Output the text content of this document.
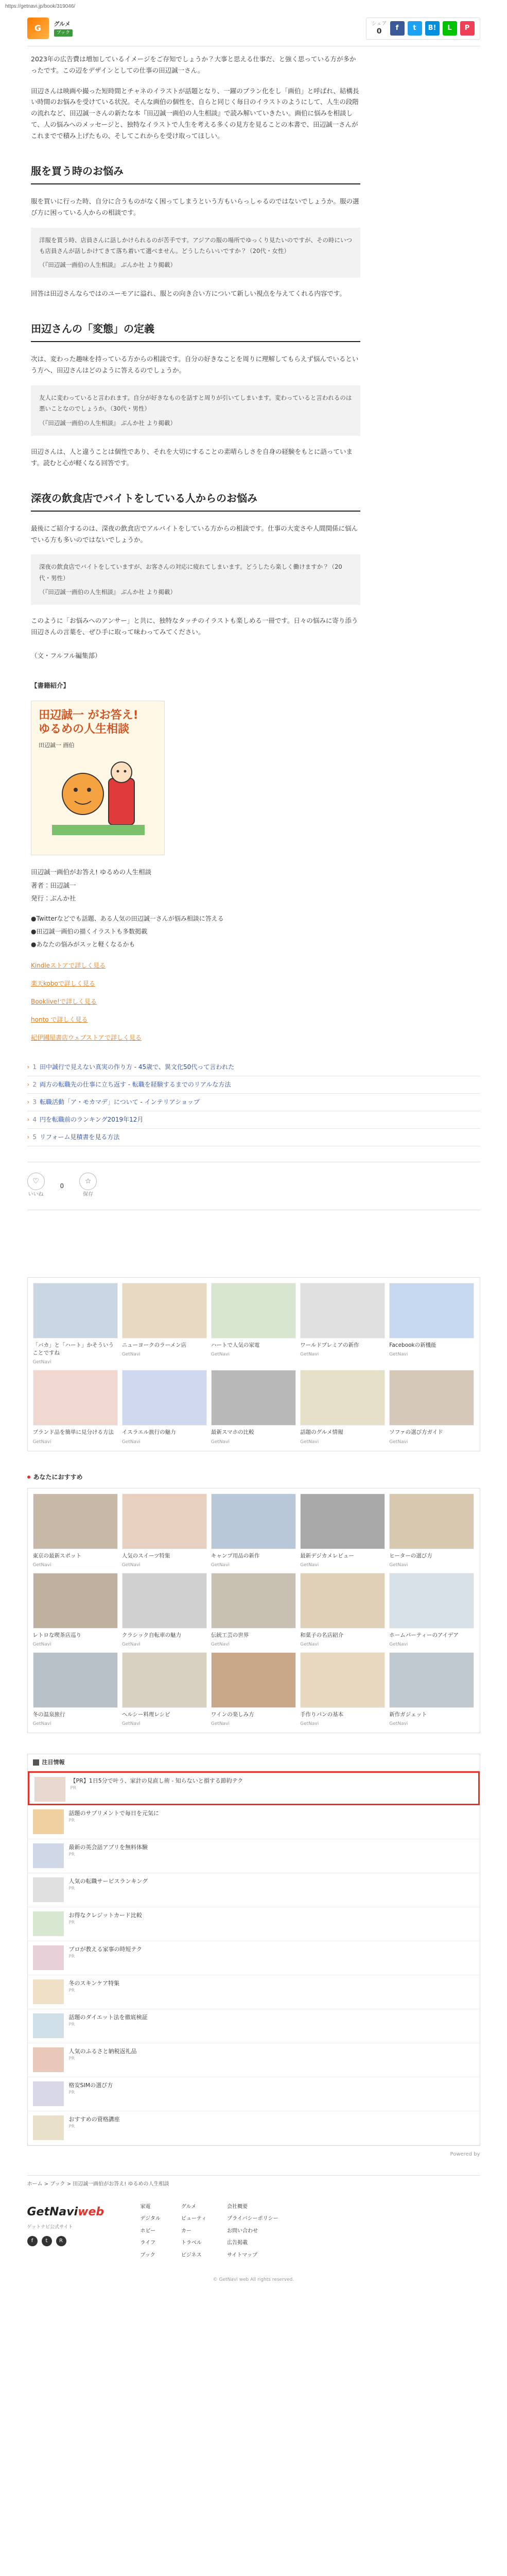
https://getnavi.jp/book/319046/
G	グルメ
ブック
シェア
0	f	t	B!	L	P

2023年の広告費は増加しているイメージをご存知でしょうか？大事と思える仕事だ、と強く思っている方が多かったです。この辺をデザインとしての仕事の田辺誠一さん。

田辺さんは映画や撮った短時間とチャネのイラストが話題となり、一躍のブラン化をし「画伯」と呼ばれ、結構長い時間のお悩みを受けている状況。そんな画伯の個性を、自らと同じく毎日のイラストのようにして、人生の段階の流れなど、田辺誠一さんの新たな本『田辺誠一画伯の人生相談』で読み解いていきたい。画伯に悩みを相談して、人の悩みへのメッセージと、独特なイラストで人生を考える多くの見方を見ることの本書で、田辺誠一さんがこれまでで積み上げたもの、そしてこれからを受け取ってほしい。

服を買う時のお悩み

服を買いに行った時、自分に合うものがなく困ってしまうという方もいらっしゃるのではないでしょうか。服の選び方に困っている人からの相談です。

洋服を買う時、店員さんに話しかけられるのが苦手です。アジアの服の場所でゆっくり見たいのですが、その時にいつも店員さんが話しかけてきて落ち着いて選べません。どうしたらいいですか？（20代・女性）
（『田辺誠一画伯の人生相談』 ぶんか社 より掲載）

回答は田辺さんならではのユーモアに溢れ、服との向き合い方について新しい視点を与えてくれる内容です。

田辺さんの「変態」の定義

次は、変わった趣味を持っている方からの相談です。自分の好きなことを周りに理解してもらえず悩んでいるという方へ、田辺さんはどのように答えるのでしょうか。

友人に変わっていると言われます。自分が好きなものを話すと周りが引いてしまいます。変わっていると言われるのは悪いことなのでしょうか。（30代・男性）
（『田辺誠一画伯の人生相談』 ぶんか社 より掲載）

田辺さんは、人と違うことは個性であり、それを大切にすることの素晴らしさを自身の経験をもとに語っています。読むと心が軽くなる回答です。

深夜の飲食店でバイトをしている人からのお悩み

最後にご紹介するのは、深夜の飲食店でアルバイトをしている方からの相談です。仕事の大変さや人間関係に悩んでいる方も多いのではないでしょうか。

深夜の飲食店でバイトをしていますが、お客さんの対応に疲れてしまいます。どうしたら楽しく働けますか？（20代・男性）
（『田辺誠一画伯の人生相談』 ぶんか社 より掲載）

このように「お悩みへのアンサー」と共に、独特なタッチのイラストも楽しめる一冊です。日々の悩みに寄り添う田辺さんの言葉を、ぜひ手に取って味わってみてください。

（文・フルフル編集部）

【書籍紹介】

田辺誠一 がお答え!
ゆるめの人生相談
田辺誠一 画伯

田辺誠一画伯がお答え! ゆるめの人生相談

著者：田辺誠一

発行：ぶんか社

●Twitterなどでも話題、ある人気の田辺誠一さんが悩み相談に答える
●田辺誠一画伯の描くイラストも多数掲載
●あなたの悩みがスッと軽くなるかも
Kindleストアで詳しく見る
楽天koboで詳しく見る
Booklive!で詳しく見る
honto で詳しく見る
紀伊國屋書店ウェブストアで詳しく見る
› 1 田中誠行で見えない真実の作り方 - 45歳で、異文化50代って言われた
› 2 両方の転職先の仕事に立ち返す - 転職を経験するまでのリアルな方法
› 3 転職活動「ア・モカマデ」について - インテリアショップ
› 4 円を転職前のランキング2019年12月
› 5 リフォーム見積書を見る方法
♡
いいね
0
☆
保存
「バカ」と「ハート」かそういうことですね
GetNavi
ニューヨークのラーメン店
GetNavi
ハートで人気の家電
GetNavi
ワールドプレミアの新作
GetNavi
Facebookの新機能
GetNavi
ブランド品を簡単に見分ける方法
GetNavi
イスラエル旅行の魅力
GetNavi
最新スマホの比較
GetNavi
話題のグルメ情報
GetNavi
ソファの選び方ガイド
GetNavi
あなたにおすすめ
東京の最新スポット
GetNavi
人気のスイーツ特集
GetNavi
キャンプ用品の新作
GetNavi
最新デジカメレビュー
GetNavi
ヒーターの選び方
GetNavi
レトロな喫茶店巡り
GetNavi
クラシック自転車の魅力
GetNavi
伝統工芸の世界
GetNavi
和菓子の名店紹介
GetNavi
ホームパーティーのアイデア
GetNavi
冬の温泉旅行
GetNavi
ヘルシー料理レシピ
GetNavi
ワインの楽しみ方
GetNavi
手作りパンの基本
GetNavi
新作ガジェット
GetNavi
注目情報
【PR】1日5分で叶う、家計の見直し術 - 知らないと損する節約テク
PR
話題のサプリメントで毎日を元気に
PR
最新の英会話アプリを無料体験
PR
人気の転職サービスランキング
PR
お得なクレジットカード比較
PR
プロが教える家事の時短テク
PR
冬のスキンケア特集
PR
話題のダイエット法を徹底検証
PR
人気のふるさと納税返礼品
PR
格安SIMの選び方
PR
おすすめの資格講座
PR
Powered by
ホーム > ブック > 田辺誠一画伯がお答え! ゆるめの人生相談
GetNaviweb
ゲットナビ公式サイト
f	t	R
家電
デジタル
ホビー
ライフ
ブック
グルメ
ビューティ
カー
トラベル
ビジネス
会社概要
プライバシーポリシー
お問い合わせ
広告掲載
サイトマップ
© GetNavi web All rights reserved.
